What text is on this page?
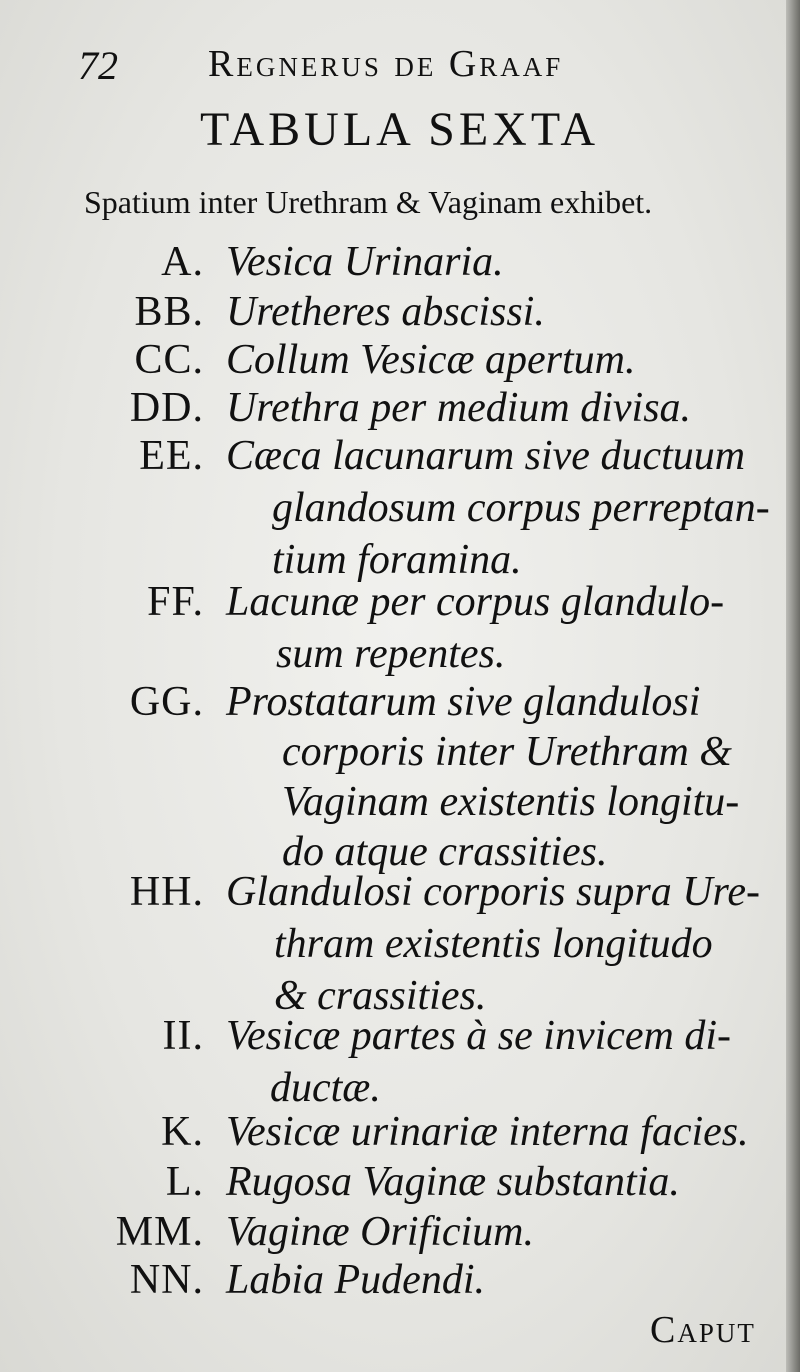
72 Regnerus de Graaf
TABULA SEXTA
Spatium inter Urethram & Vaginam exhibet.
A. Vesica Urinaria.
BB. Uretheres abscissi.
CC. Collum Vesicæ apertum.
DD. Urethra per medium divisa.
EE. Cæca lacunarum sive ductuum
glandosum corpus perreptan-
tium foramina.
FF. Lacunæ per corpus glandulo-
sum repentes.
GG. Prostatarum sive glandulosi
corporis inter Urethram &
Vaginam existentis longitu-
do atque crassities.
HH. Glandulosi corporis supra Ure-
thram existentis longitudo
& crassities.
II. Vesicæ partes à se invicem di-
ductæ.
K. Vesicæ urinariæ interna facies.
L. Rugosa Vaginæ substantia.
MM. Vaginæ Orificium.
NN. Labia Pudendi.
Caput
